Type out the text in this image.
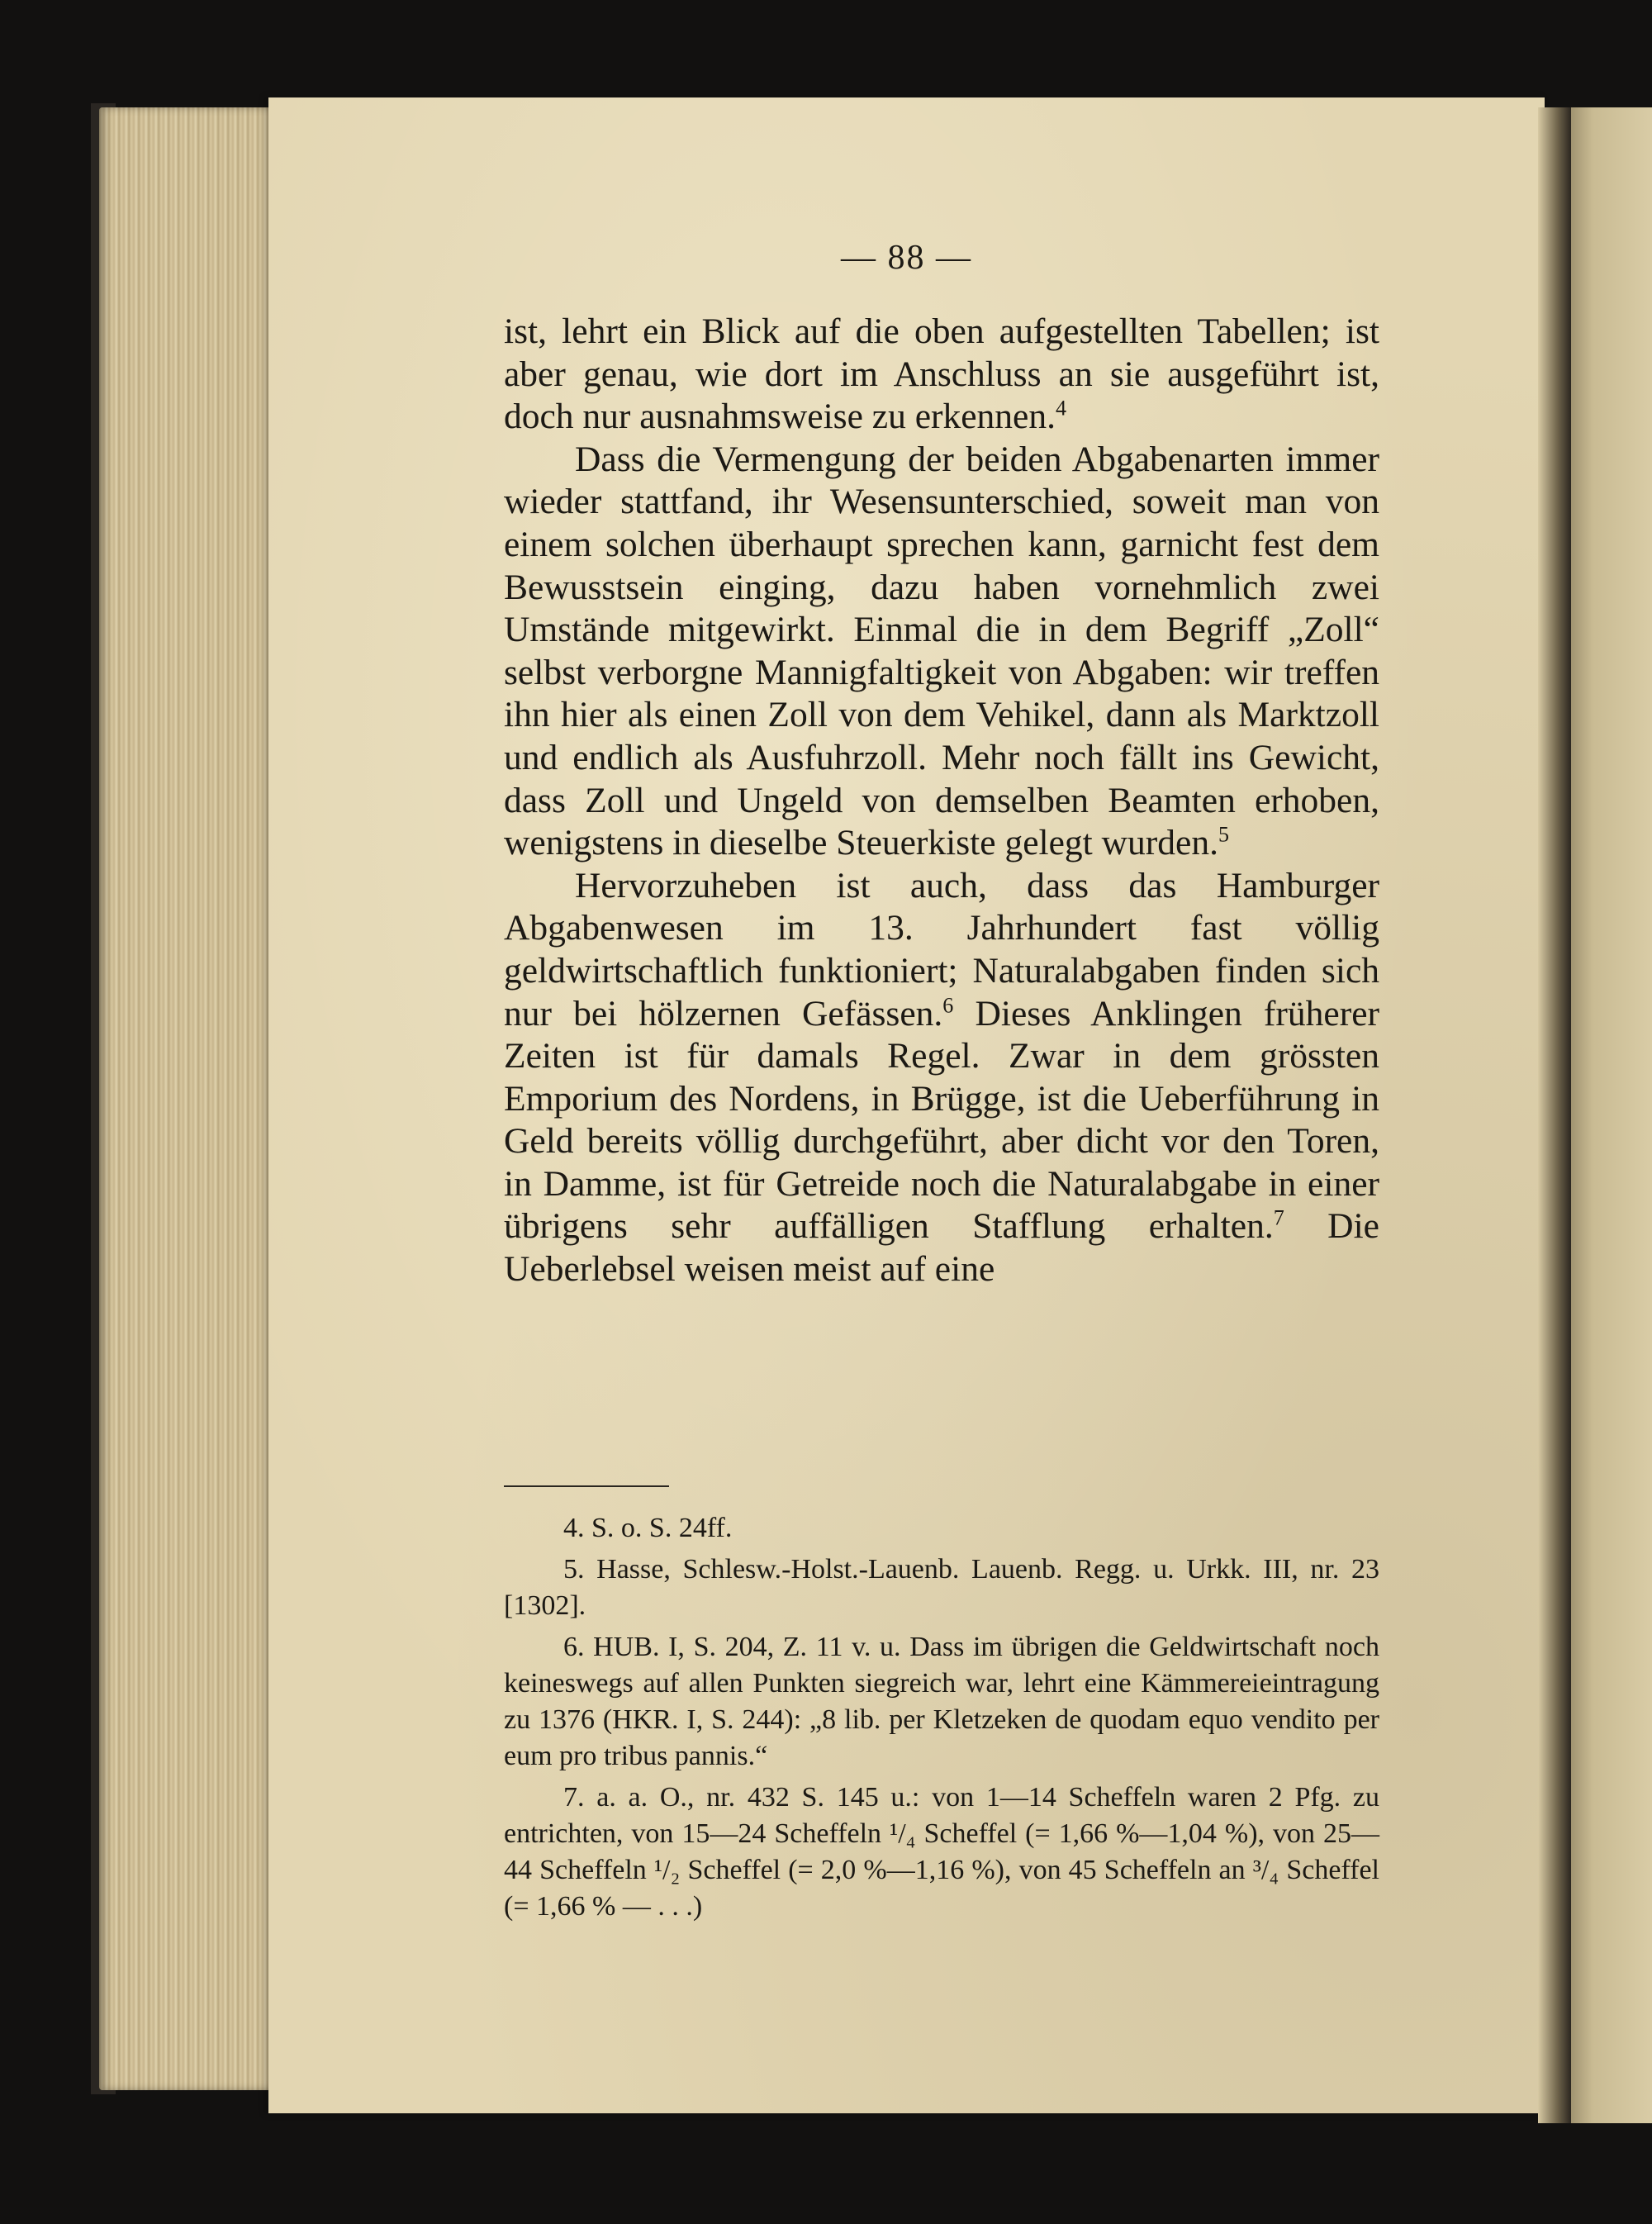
— 88 —

ist, lehrt ein Blick auf die oben aufgestellten Tabellen; ist aber genau, wie dort im Anschluss an sie ausgeführt ist, doch nur ausnahmsweise zu erkennen.$^4$

Dass die Vermengung der beiden Abgabenarten immer wieder stattfand, ihr Wesensunterschied, soweit man von einem solchen überhaupt sprechen kann, garnicht fest dem Bewusstsein einging, dazu haben vornehmlich zwei Umstände mitgewirkt. Einmal die in dem Begriff „Zoll“ selbst verborgne Mannigfaltigkeit von Abgaben: wir treffen ihn hier als einen Zoll von dem Vehikel, dann als Marktzoll und endlich als Ausfuhrzoll. Mehr noch fällt ins Gewicht, dass Zoll und Ungeld von demselben Beamten erhoben, wenigstens in dieselbe Steuerkiste gelegt wurden.$^5$

Hervorzuheben ist auch, dass das Hamburger Abgabenwesen im 13. Jahrhundert fast völlig geldwirtschaftlich funktioniert; Naturalabgaben finden sich nur bei hölzernen Gefässen.$^6$ Dieses Anklingen früherer Zeiten ist für damals Regel. Zwar in dem grössten Emporium des Nordens, in Brügge, ist die Ueberführung in Geld bereits völlig durchgeführt, aber dicht vor den Toren, in Damme, ist für Getreide noch die Naturalabgabe in einer übrigens sehr auffälligen Stafflung erhalten.$^7$ Die Ueberlebsel weisen meist auf eine

4. S. o. S. 24ff.

5. Hasse, Schlesw.-Holst.-Lauenb. Lauenb. Regg. u. Urkk. III, nr. 23 [1302].

6. HUB. I, S. 204, Z. 11 v. u. Dass im übrigen die Geldwirtschaft noch keineswegs auf allen Punkten siegreich war, lehrt eine Kämmereieintragung zu 1376 (HKR. I, S. 244): „8 lib. per Kletzeken de quodam equo vendito per eum pro tribus pannis.“

7. a. a. O., nr. 432 S. 145 u.: von 1—14 Scheffeln waren 2 Pfg. zu entrichten, von 15—24 Scheffeln ¹/₄ Scheffel (= 1,66 %—1,04 %), von 25—44 Scheffeln ¹/₂ Scheffel (= 2,0 %—1,16 %), von 45 Scheffeln an ³/₄ Scheffel (= 1,66 % — . . .)
